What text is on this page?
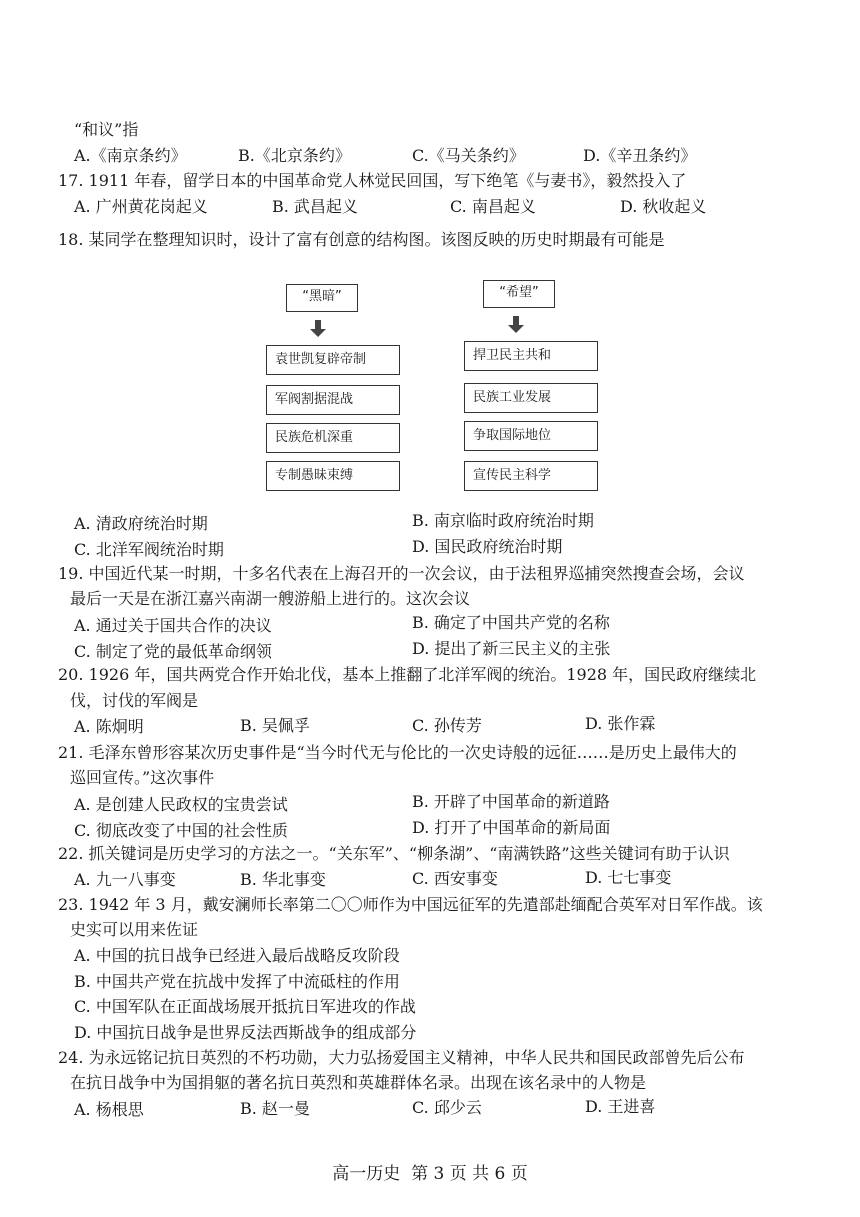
“和议”指
A.《南京条约》	B.《北京条约》	C.《马关条约》	D.《辛丑条约》
17. 1911 年春，留学日本的中国革命党人林觉民回国，写下绝笔《与妻书》，毅然投入了
A. 广州黄花岗起义	B. 武昌起义	C. 南昌起义	D. 秋收起义
18. 某同学在整理知识时，设计了富有创意的结构图。该图反映的历史时期最有可能是
“黑暗”	“希望”
袁世凯复辟帝制
军阀割据混战
民族危机深重
专制愚昧束缚
捍卫民主共和
民族工业发展
争取国际地位
宣传民主科学
A. 清政府统治时期	B. 南京临时政府统治时期
C. 北洋军阀统治时期	D. 国民政府统治时期
19. 中国近代某一时期，十多名代表在上海召开的一次会议，由于法租界巡捕突然搜查会场，会议
最后一天是在浙江嘉兴南湖一艘游船上进行的。这次会议
A. 通过关于国共合作的决议	B. 确定了中国共产党的名称
C. 制定了党的最低革命纲领	D. 提出了新三民主义的主张
20. 1926 年，国共两党合作开始北伐，基本上推翻了北洋军阀的统治。1928 年，国民政府继续北
伐，讨伐的军阀是
A. 陈炯明	B. 吴佩孚	C. 孙传芳	D. 张作霖
21. 毛泽东曾形容某次历史事件是“当今时代无与伦比的一次史诗般的远征……是历史上最伟大的
巡回宣传。”这次事件
A. 是创建人民政权的宝贵尝试	B. 开辟了中国革命的新道路
C. 彻底改变了中国的社会性质	D. 打开了中国革命的新局面
22. 抓关键词是历史学习的方法之一。“关东军”、“柳条湖”、“南满铁路”这些关键词有助于认识
A. 九一八事变	B. 华北事变	C. 西安事变	D. 七七事变
23. 1942 年 3 月，戴安澜师长率第二〇〇师作为中国远征军的先遣部赴缅配合英军对日军作战。该
史实可以用来佐证
A. 中国的抗日战争已经进入最后战略反攻阶段
B. 中国共产党在抗战中发挥了中流砥柱的作用
C. 中国军队在正面战场展开抵抗日军进攻的作战
D. 中国抗日战争是世界反法西斯战争的组成部分
24. 为永远铭记抗日英烈的不朽功勋，大力弘扬爱国主义精神，中华人民共和国民政部曾先后公布
在抗日战争中为国捐躯的著名抗日英烈和英雄群体名录。出现在该名录中的人物是
A. 杨根思	B. 赵一曼	C. 邱少云	D. 王进喜
高一历史  第 3 页 共 6 页
